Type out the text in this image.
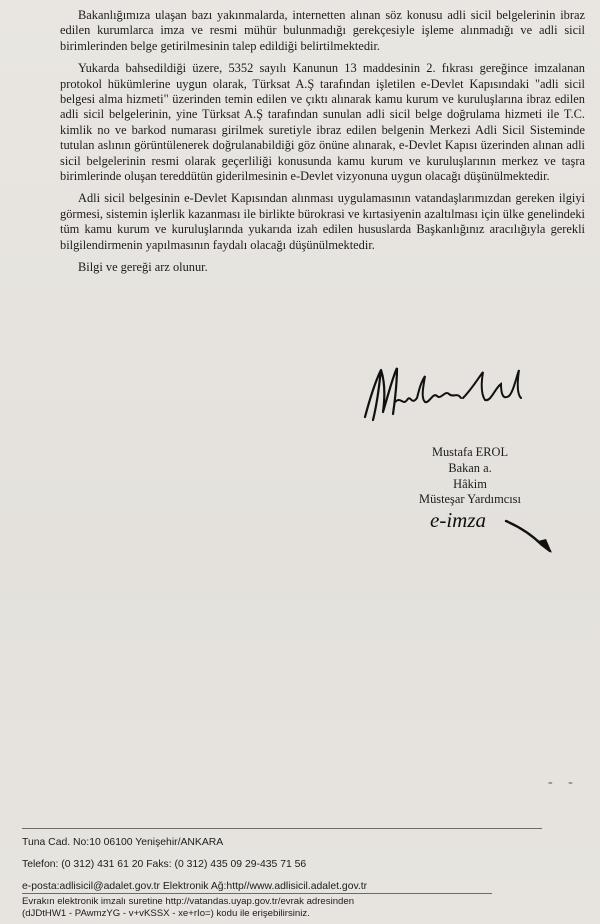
Bakanlığımıza ulaşan bazı yakınmalarda, internetten alınan söz konusu adli sicil belgelerinin ibraz edilen kurumlarca imza ve resmi mühür bulunmadığı gerekçesiyle işleme alınmadığı ve adli sicil birimlerinden belge getirilmesinin talep edildiği belirtilmektedir.

Yukarda bahsedildiği üzere, 5352 sayılı Kanunun 13 maddesinin 2. fıkrası gereğince imzalanan protokol hükümlerine uygun olarak, Türksat A.Ş tarafından işletilen e-Devlet Kapısındaki "adli sicil belgesi alma hizmeti" üzerinden temin edilen ve çıktı alınarak kamu kurum ve kuruluşlarına ibraz edilen adli sicil belgelerinin, yine Türksat A.Ş tarafından sunulan adli sicil belge doğrulama hizmeti ile T.C. kimlik no ve barkod numarası girilmek suretiyle ibraz edilen belgenin Merkezi Adli Sicil Sisteminde tutulan aslının görüntülenerek doğrulanabildiği göz önüne alınarak, e-Devlet Kapısı üzerinden alınan adli sicil belgelerinin resmi olarak geçerliliği konusunda kamu kurum ve kuruluşlarının merkez ve taşra birimlerinde oluşan tereddütün giderilmesinin e-Devlet vizyonuna uygun olacağı düşünülmektedir.

Adli sicil belgesinin e-Devlet Kapısından alınması uygulamasının vatandaşlarımızdan gereken ilgiyi görmesi, sistemin işlerlik kazanması ile birlikte bürokrasi ve kırtasiyenin azaltılması için ülke genelindeki tüm kamu kurum ve kuruluşlarında yukarıda izah edilen hususlarda Başkanlığınız aracılığıyla gerekli bilgilendirmenin yapılmasının faydalı olacağı düşünülmektedir.

Bilgi ve gereği arz olunur.

Mustafa EROL
Bakan a.
Hâkim
Müsteşar Yardımcısı
e-imza
- -
Tuna Cad. No:10 06100 Yenişehir/ANKARA
Telefon: (0 312) 431 61 20 Faks: (0 312) 435 09 29-435 71 56
e-posta:adlisicil@adalet.gov.tr Elektronik Ağ:http//www.adlisicil.adalet.gov.tr
Evrakın elektronik imzalı suretine http://vatandas.uyap.gov.tr/evrak adresinden
(dJDtHW1 - PAwmzYG - v+vKSSX - xe+rIo=) kodu ile erişebilirsiniz.
